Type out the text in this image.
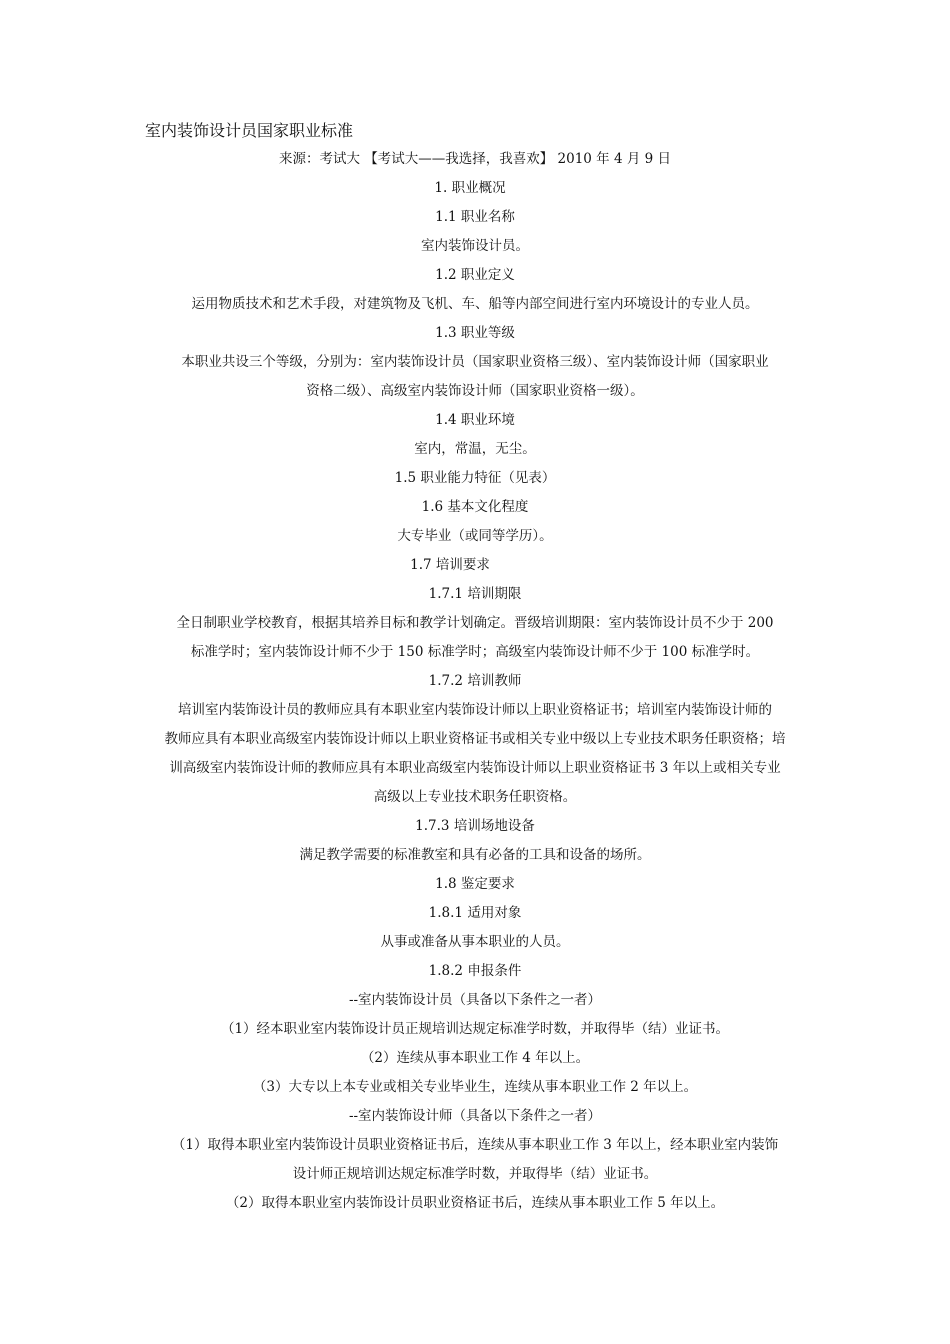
室内装饰设计员国家职业标准
来源：考试大 【考试大——我选择，我喜欢】 2010 年 4 月 9 日
1. 职业概况
1.1 职业名称
室内装饰设计员。
1.2 职业定义
运用物质技术和艺术手段，对建筑物及飞机、车、船等内部空间进行室内环境设计的专业人员。
1.3 职业等级
本职业共设三个等级，分别为：室内装饰设计员（国家职业资格三级）、室内装饰设计师（国家职业
资格二级）、高级室内装饰设计师（国家职业资格一级）。
1.4 职业环境
室内，常温，无尘。
1.5 职业能力特征（见表）
1.6 基本文化程度
大专毕业（或同等学历）。
1.7 培训要求
1.7.1 培训期限
全日制职业学校教育，根据其培养目标和教学计划确定。晋级培训期限：室内装饰设计员不少于 200
标准学时；室内装饰设计师不少于 150 标准学时；高级室内装饰设计师不少于 100 标准学时。
1.7.2 培训教师
培训室内装饰设计员的教师应具有本职业室内装饰设计师以上职业资格证书；培训室内装饰设计师的
教师应具有本职业高级室内装饰设计师以上职业资格证书或相关专业中级以上专业技术职务任职资格；培
训高级室内装饰设计师的教师应具有本职业高级室内装饰设计师以上职业资格证书 3 年以上或相关专业
高级以上专业技术职务任职资格。
1.7.3 培训场地设备
满足教学需要的标准教室和具有必备的工具和设备的场所。
1.8 鉴定要求
1.8.1 适用对象
从事或准备从事本职业的人员。
1.8.2 申报条件
--室内装饰设计员（具备以下条件之一者）
（1）经本职业室内装饰设计员正规培训达规定标准学时数，并取得毕（结）业证书。
（2）连续从事本职业工作 4 年以上。
（3）大专以上本专业或相关专业毕业生，连续从事本职业工作 2 年以上。
--室内装饰设计师（具备以下条件之一者）
（1）取得本职业室内装饰设计员职业资格证书后，连续从事本职业工作 3 年以上，经本职业室内装饰
设计师正规培训达规定标准学时数，并取得毕（结）业证书。
（2）取得本职业室内装饰设计员职业资格证书后，连续从事本职业工作 5 年以上。
